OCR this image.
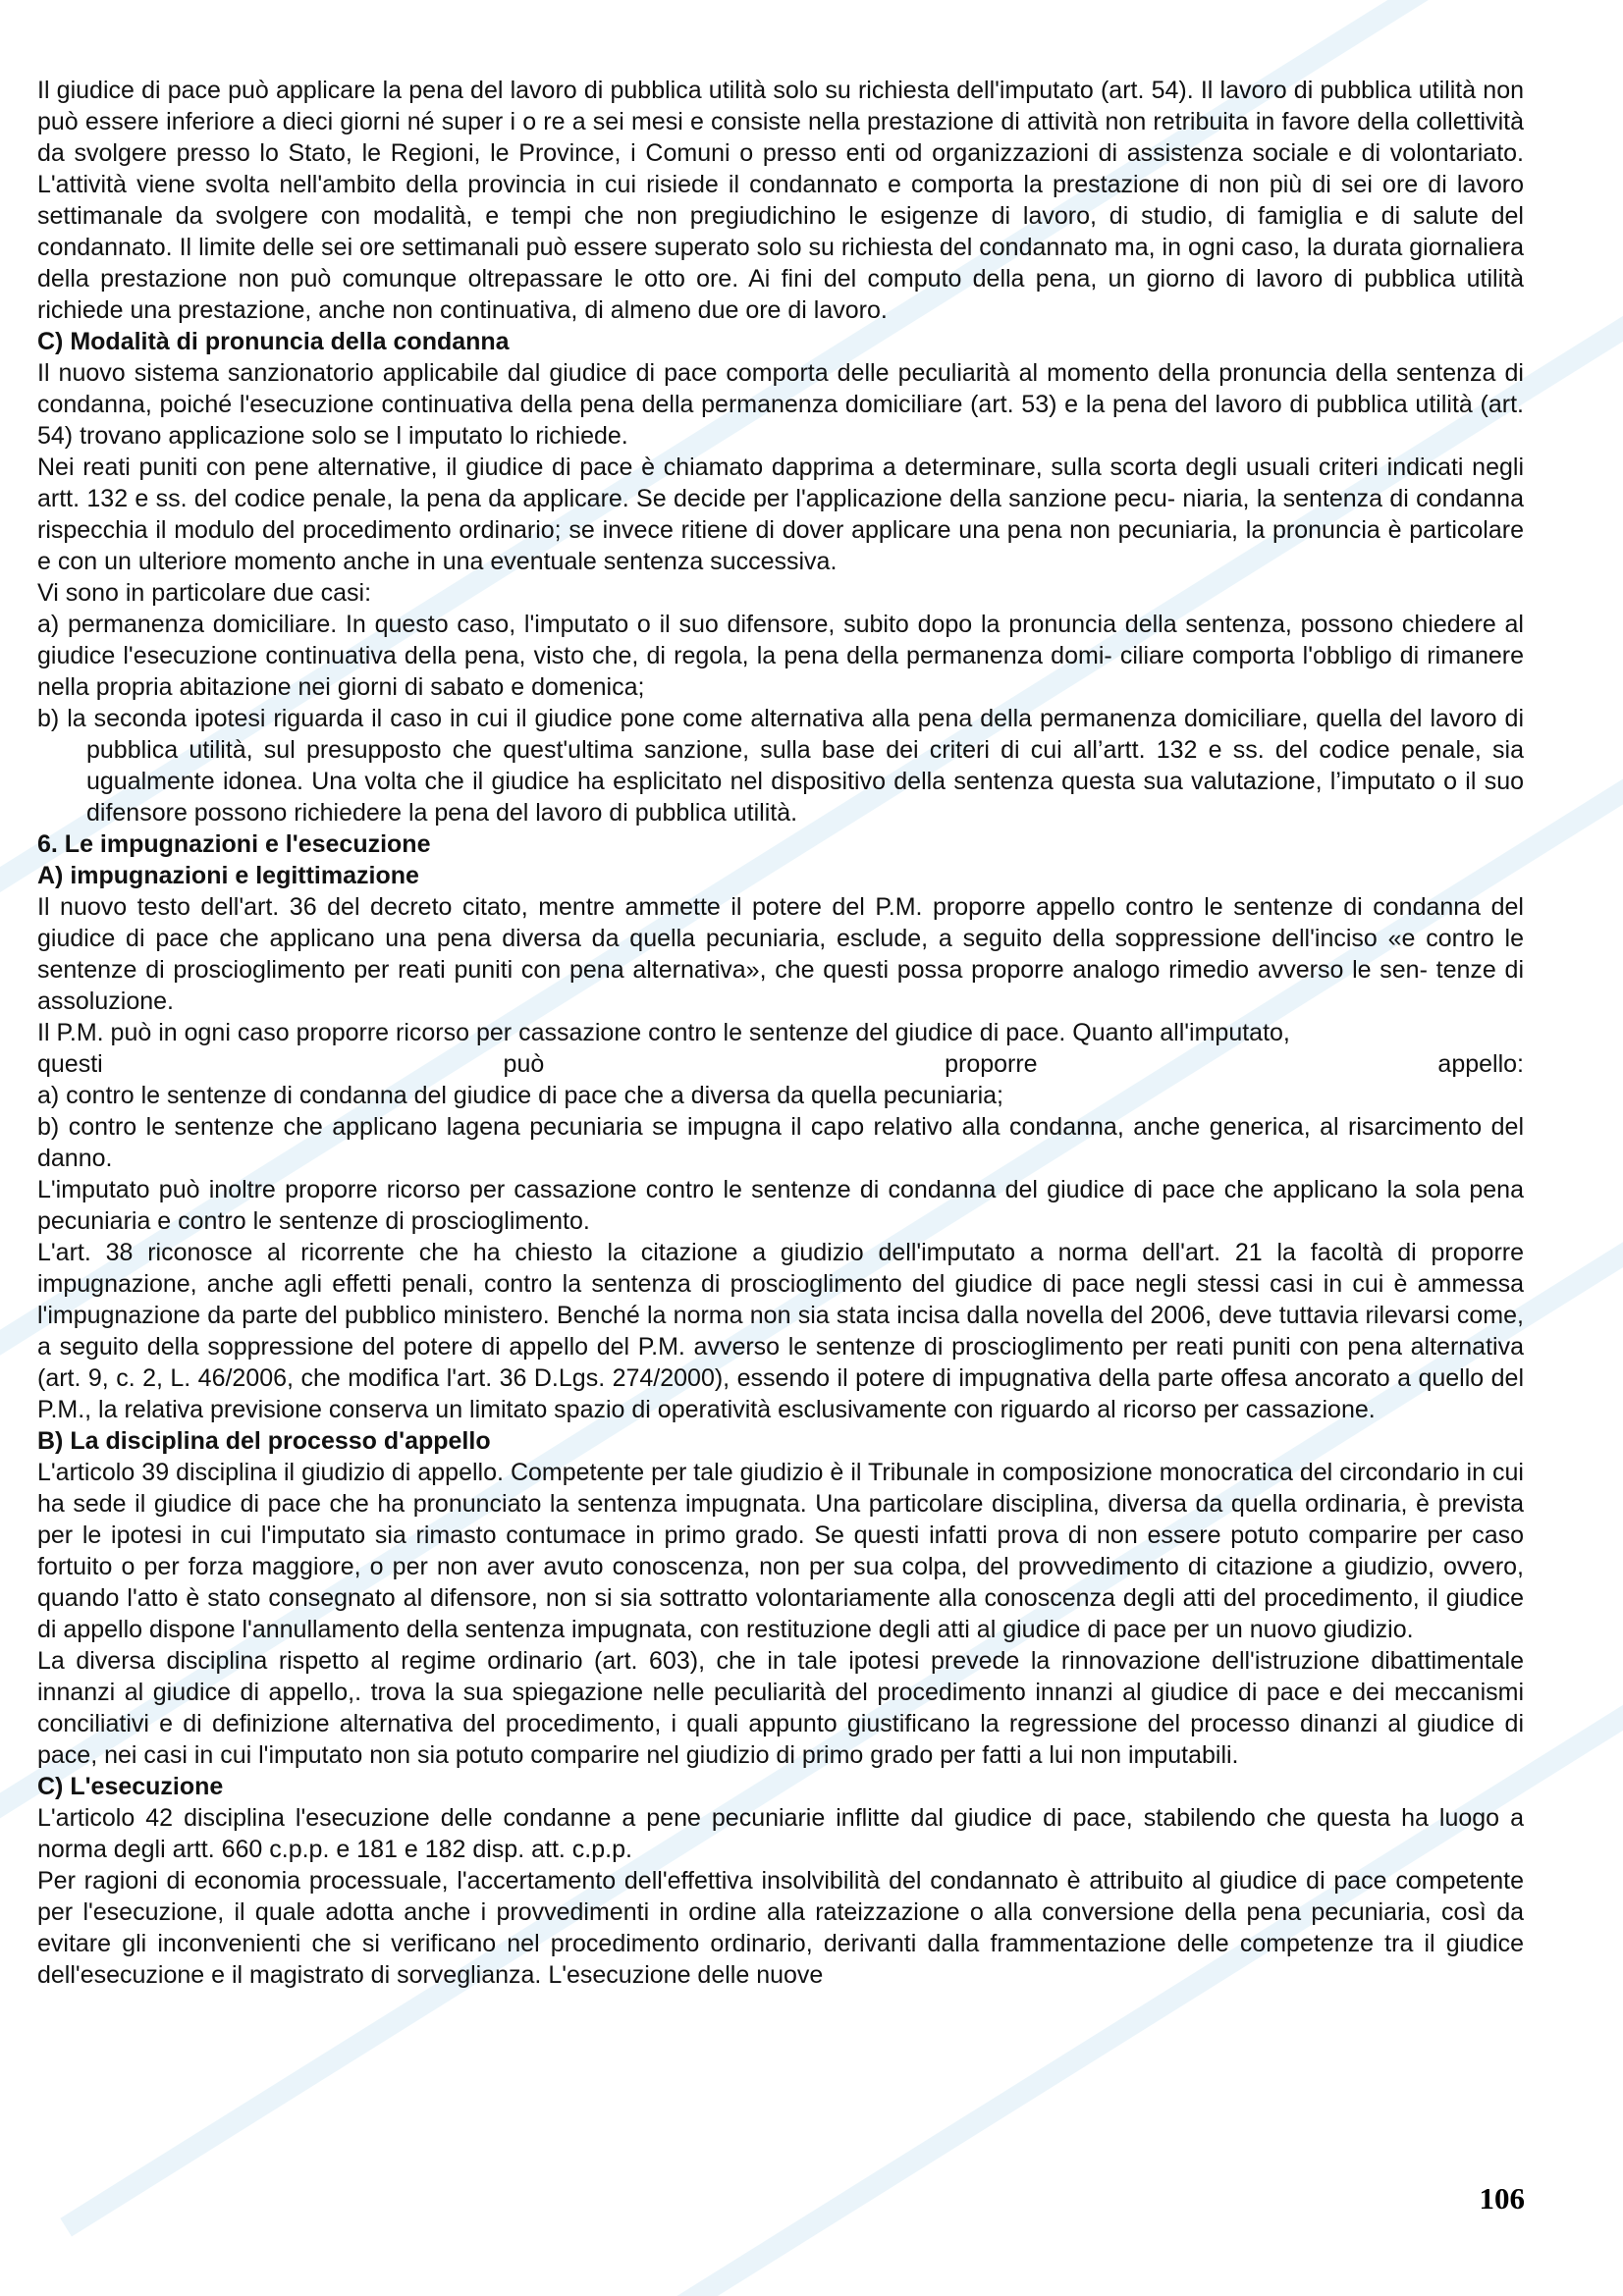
Il giudice di pace può applicare la pena del lavoro di pubblica utilità solo su richiesta dell'imputato (art. 54). Il lavoro di pubblica utilità non può essere inferiore a dieci giorni né super i o re a sei mesi e consiste nella prestazione di attività non retribuita in favore della collettività da svolgere presso lo Stato, le Regioni, le Province, i Comuni o presso enti od organizzazioni di assistenza sociale e di volontariato. L'attività viene svolta nell'ambito della provincia in cui risiede il condannato e comporta la prestazione di non più di sei ore di lavoro settimanale da svolgere con modalità, e tempi che non pregiudichino le esigenze di lavoro, di studio, di famiglia e di salute del condannato. Il limite delle sei ore settimanali può essere superato solo su richiesta del condannato ma, in ogni caso, la durata giornaliera della prestazione non può comunque oltrepassare le otto ore. Ai fini del computo della pena, un giorno di lavoro di pubblica utilità richiede una prestazione, anche non continuativa, di almeno due ore di lavoro.

C) Modalità di pronuncia della condanna

Il nuovo sistema sanzionatorio applicabile dal giudice di pace comporta delle peculiarità al momento della pronuncia della sentenza di condanna, poiché l'esecuzione continuativa della pena della permanenza domiciliare (art. 53) e la pena del lavoro di pubblica utilità (art. 54) trovano applicazione solo se l imputato lo richiede.

Nei reati puniti con pene alternative, il giudice di pace è chiamato dapprima a determinare, sulla scorta degli usuali criteri indicati negli artt. 132 e ss. del codice penale, la pena da applicare. Se decide per l'applicazione della sanzione pecu- niaria, la sentenza di condanna rispecchia il modulo del procedimento ordinario; se invece ritiene di dover applicare una pena non pecuniaria, la pronuncia è particolare e con un ulteriore momento anche in una eventuale sentenza successiva.

Vi sono in particolare due casi:

a) permanenza domiciliare. In questo caso, l'imputato o il suo difensore, subito dopo la pronuncia della sentenza, possono chiedere al giudice l'esecuzione continuativa della pena, visto che, di regola, la pena della permanenza domi- ciliare comporta l'obbligo di rimanere nella propria abitazione nei giorni di sabato e domenica;

b) la seconda ipotesi riguarda il caso in cui il giudice pone come alternativa alla pena della permanenza domiciliare, quella del lavoro di pubblica utilità, sul presupposto che quest'ultima sanzione, sulla base dei criteri di cui all’artt. 132 e ss. del codice penale, sia ugualmente idonea. Una volta che il giudice ha esplicitato nel dispositivo della sentenza questa sua valutazione, l’imputato o il suo difensore possono richiedere la pena del lavoro di pubblica utilità.

6. Le impugnazioni e l'esecuzione
A) impugnazioni e legittimazione

Il nuovo testo dell'art. 36 del decreto citato, mentre ammette il potere del P.M. proporre appello contro le sentenze di condanna del giudice di pace che applicano una pena diversa da quella pecuniaria, esclude, a seguito della soppressione dell'inciso «e contro le sentenze di proscioglimento per reati puniti con pena alternativa», che questi possa proporre analogo rimedio avverso le sen- tenze di assoluzione.

Il P.M. può in ogni caso proporre ricorso per cassazione contro le sentenze del giudice di pace. Quanto all'imputato,

questi	può	proporre	appello:

a) contro le sentenze di condanna del giudice di pace che a diversa da quella pecuniaria;

b) contro le sentenze che applicano lagena pecuniaria se impugna il capo relativo alla condanna, anche generica, al risarcimento del danno.

L'imputato può inoltre proporre ricorso per cassazione contro le sentenze di condanna del giudice di pace che applicano la sola pena pecuniaria e contro le sentenze di proscioglimento.

L'art. 38 riconosce al ricorrente che ha chiesto la citazione a giudizio dell'imputato a norma dell'art. 21 la facoltà di proporre impugnazione, anche agli effetti penali, contro la sentenza di proscioglimento del giudice di pace negli stessi casi in cui è ammessa l'impugnazione da parte del pubblico ministero. Benché la norma non sia stata incisa dalla novella del 2006, deve tuttavia rilevarsi come, a seguito della soppressione del potere di appello del P.M. avverso le sentenze di proscioglimento per reati puniti con pena alternativa (art. 9, c. 2, L. 46/2006, che modifica l'art. 36 D.Lgs. 274/2000), essendo il potere di impugnativa della parte offesa ancorato a quello del P.M., la relativa previsione conserva un limitato spazio di operatività esclusivamente con riguardo al ricorso per cassazione.

B) La disciplina del processo d'appello

L'articolo 39 disciplina il giudizio di appello. Competente per tale giudizio è il Tribunale in composizione monocratica del circondario in cui ha sede il giudice di pace che ha pronunciato la sentenza impugnata. Una particolare disciplina, diversa da quella ordinaria, è prevista per le ipotesi in cui l'imputato sia rimasto contumace in primo grado. Se questi infatti prova di non essere potuto comparire per caso fortuito o per forza maggiore, o per non aver avuto conoscenza, non per sua colpa, del provvedimento di citazione a giudizio, ovvero, quando l'atto è stato consegnato al difensore, non si sia sottratto volontariamente alla conoscenza degli atti del procedimento, il giudice di appello dispone l'annullamento della sentenza impugnata, con restituzione degli atti al giudice di pace per un nuovo giudizio.

La diversa disciplina rispetto al regime ordinario (art. 603), che in tale ipotesi prevede la rinnovazione dell'istruzione dibattimentale innanzi al giudice di appello,. trova la sua spiegazione nelle peculiarità del procedimento innanzi al giudice di pace e dei meccanismi conciliativi e di definizione alternativa del procedimento, i quali appunto giustificano la regressione del processo dinanzi al giudice di pace, nei casi in cui l'imputato non sia potuto comparire nel giudizio di primo grado per fatti a lui non imputabili.

C) L'esecuzione

L'articolo 42 disciplina l'esecuzione delle condanne a pene pecuniarie inflitte dal giudice di pace, stabilendo che questa ha luogo a norma degli artt. 660 c.p.p. e 181 e 182 disp. att. c.p.p.

Per ragioni di economia processuale, l'accertamento dell'effettiva insolvibilità del condannato è attribuito al giudice di pace competente per l'esecuzione, il quale adotta anche i provvedimenti in ordine alla rateizzazione o alla conversione della pena pecuniaria, così da evitare gli inconvenienti che si verificano nel procedimento ordinario, derivanti dalla frammentazione delle competenze tra il giudice dell'esecuzione e il magistrato di sorveglianza. L'esecuzione delle nuove

106
